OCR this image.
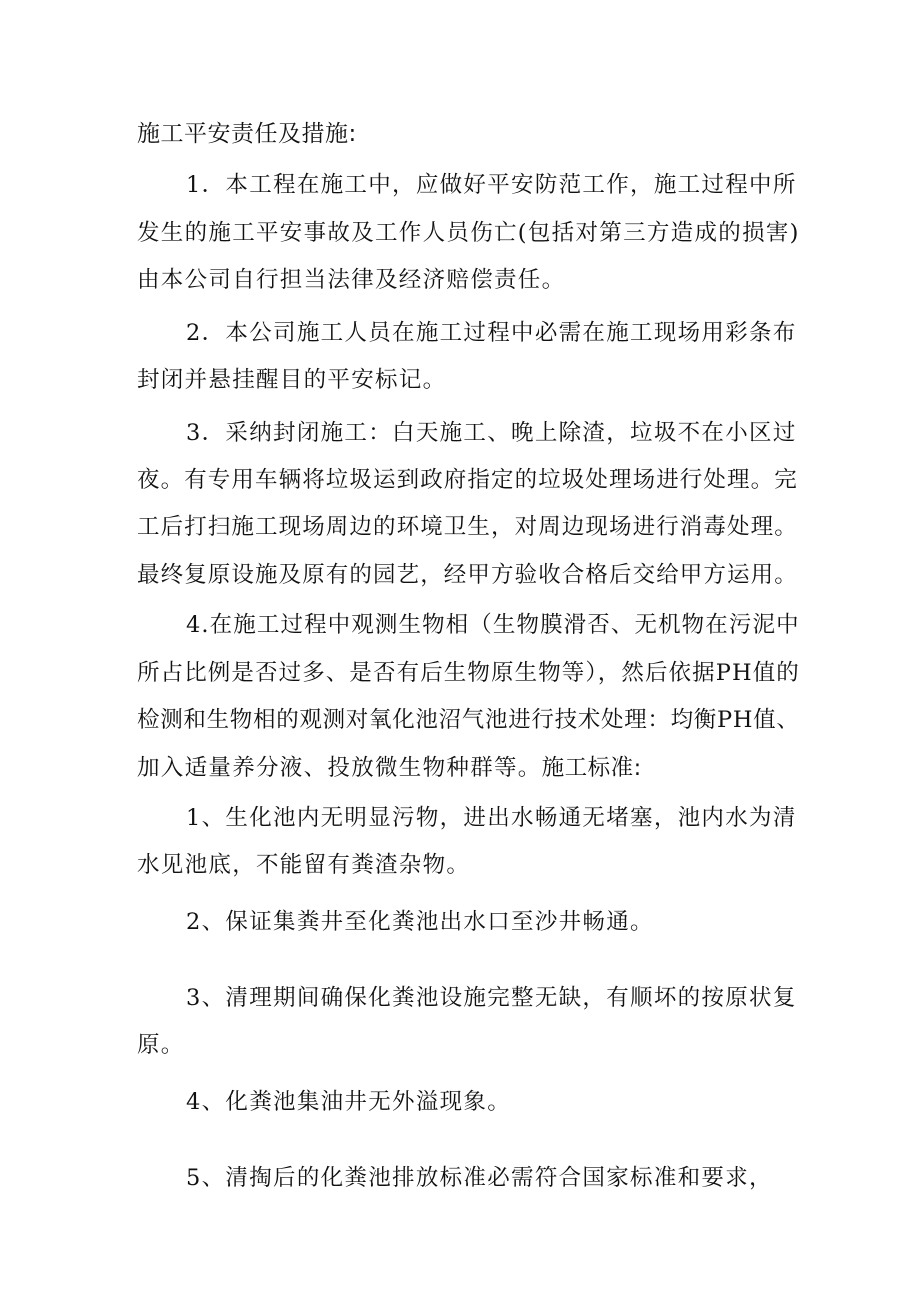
施工平安责任及措施:
1．本工程在施工中，应做好平安防范工作，施工过程中所
发生的施工平安事故及工作人员伤亡(包括对第三方造成的损害)
由本公司自行担当法律及经济赔偿责任。
2．本公司施工人员在施工过程中必需在施工现场用彩条布
封闭并悬挂醒目的平安标记。
3．采纳封闭施工：白天施工、晚上除渣，垃圾不在小区过
夜。有专用车辆将垃圾运到政府指定的垃圾处理场进行处理。完
工后打扫施工现场周边的环境卫生，对周边现场进行消毒处理。
最终复原设施及原有的园艺，经甲方验收合格后交给甲方运用。
4.在施工过程中观测生物相（生物膜滑否、无机物在污泥中
所占比例是否过多、是否有后生物原生物等），然后依据PH值的
检测和生物相的观测对氧化池沼气池进行技术处理：均衡PH值、
加入适量养分液、投放微生物种群等。施工标准:
1、生化池内无明显污物，进出水畅通无堵塞，池内水为清
水见池底，不能留有粪渣杂物。
2、保证集粪井至化粪池出水口至沙井畅通。
3、清理期间确保化粪池设施完整无缺，有顺坏的按原状复
原。
4、化粪池集油井无外溢现象。
5、清掏后的化粪池排放标准必需符合国家标准和要求，
